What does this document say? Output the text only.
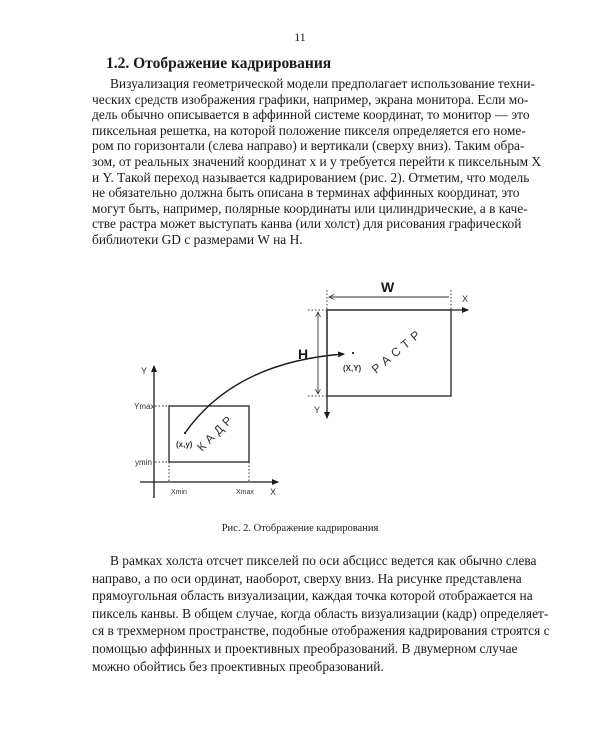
11
1.2. Отображение кадрирования
Визуализация геометрической модели предполагает использование техни-
ческих средств изображения графики, например, экрана монитора. Если мо-
дель обычно описывается в аффинной системе координат, то монитор — это
пиксельная решетка, на которой положение пикселя определяется его номе-
ром по горизонтали (слева направо) и вертикали (сверху вниз). Таким обра-
зом, от реальных значений координат x и y требуется перейти к пиксельным X
и Y. Такой переход называется кадрированием (рис. 2). Отметим, что модель
не обязательно должна быть описана в терминах аффинных координат, это
могут быть, например, полярные координаты или цилиндрические, а в каче-
стве растра может выступать канва (или холст) для рисования графической
библиотеки GD с размерами W на H.
Y
Ymax
ymin
Xmin	Xmax X
(x,y) КАДР
W
H
X
Y
(X,Y) РАСТР
Рис. 2. Отображение кадрирования
В рамках холста отсчет пикселей по оси абсцисс ведется как обычно слева
направо, а по оси ординат, наоборот, сверху вниз. На рисунке представлена
прямоугольная область визуализации, каждая точка которой отображается на
пиксель канвы. В общем случае, когда область визуализации (кадр) определяет-
ся в трехмерном пространстве, подобные отображения кадрирования строятся с
помощью аффинных и проективных преобразований. В двумерном случае
можно обойтись без проективных преобразований.
